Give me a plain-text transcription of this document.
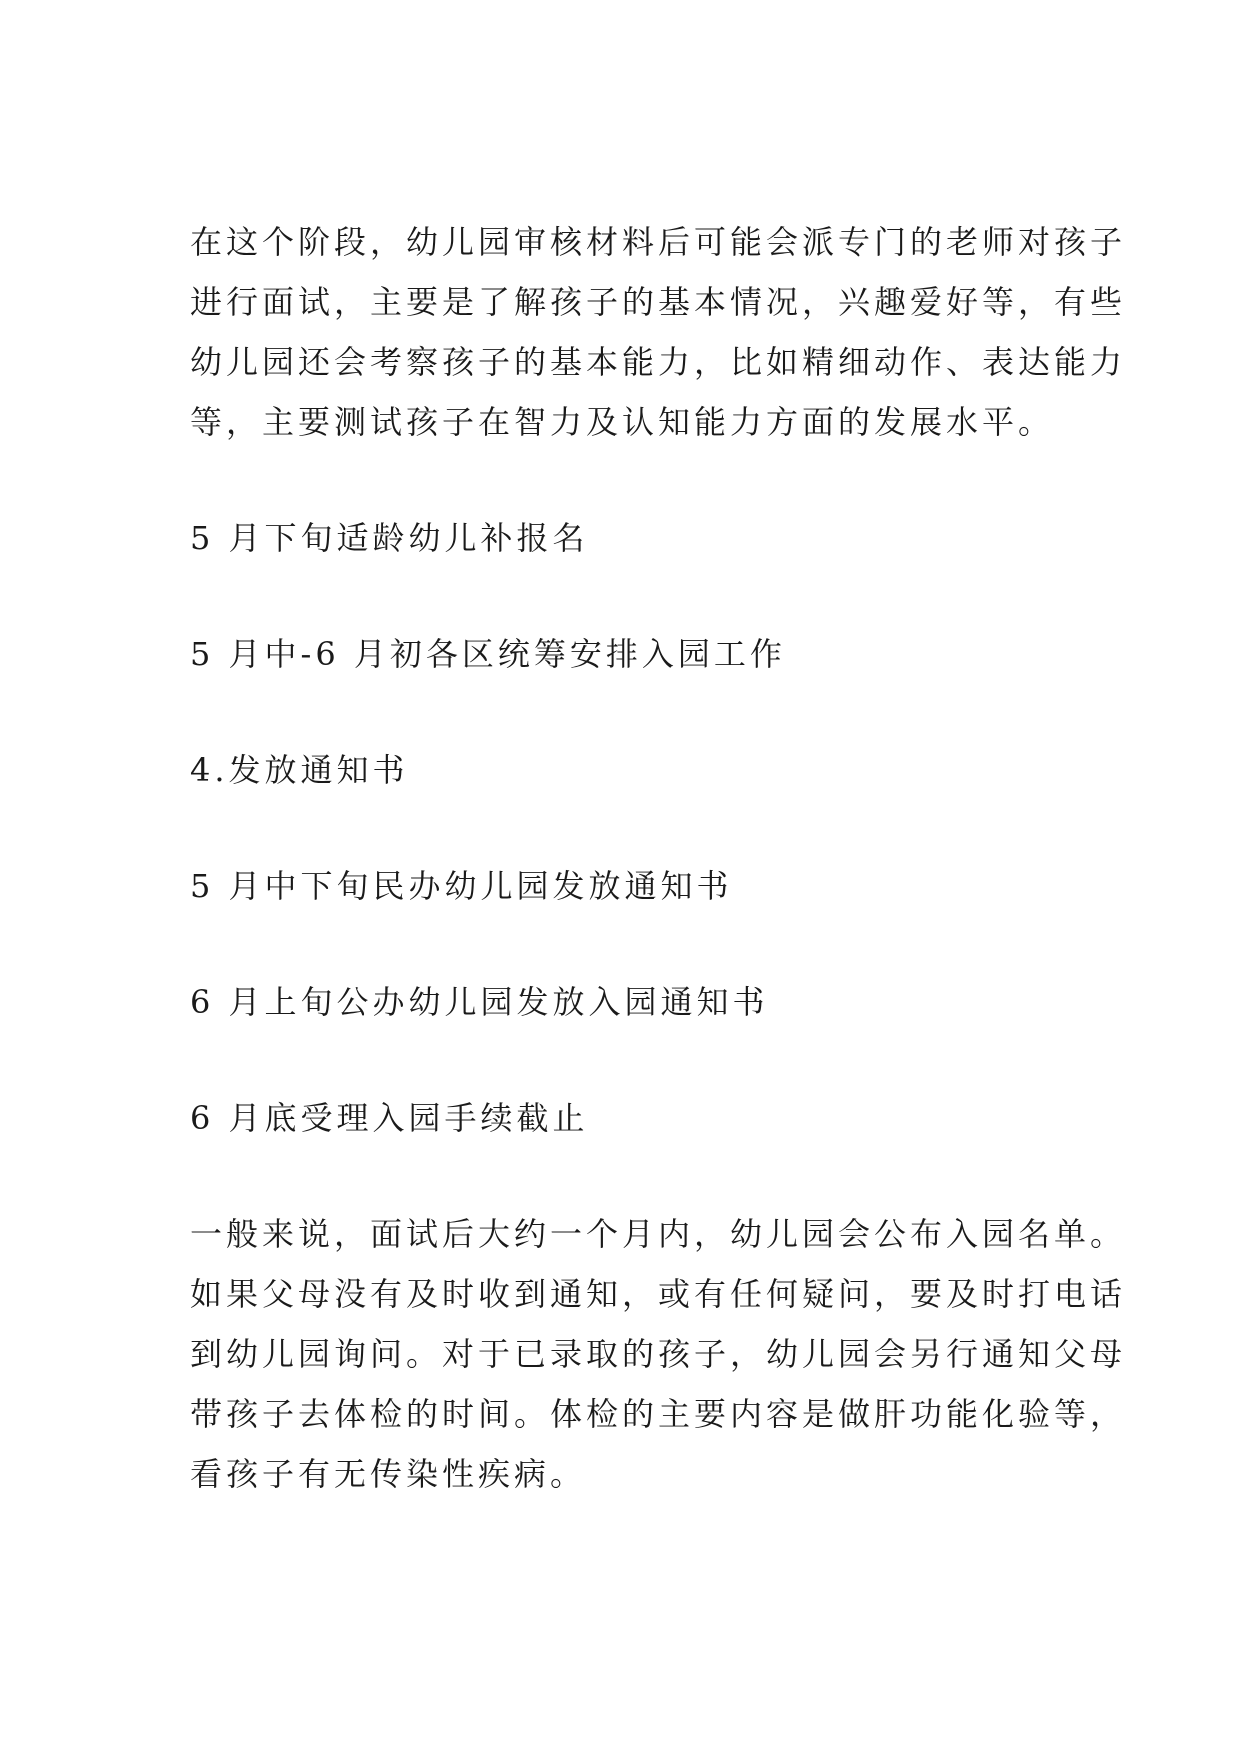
在这个阶段，幼儿园审核材料后可能会派专门的老师对孩子
进行面试，主要是了解孩子的基本情况，兴趣爱好等，有些
幼儿园还会考察孩子的基本能力，比如精细动作、表达能力
等，主要测试孩子在智力及认知能力方面的发展水平。
5 月下旬适龄幼儿补报名
5 月中-6 月初各区统筹安排入园工作
4.发放通知书
5 月中下旬民办幼儿园发放通知书
6 月上旬公办幼儿园发放入园通知书
6 月底受理入园手续截止
一般来说，面试后大约一个月内，幼儿园会公布入园名单。
如果父母没有及时收到通知，或有任何疑问，要及时打电话
到幼儿园询问。对于已录取的孩子，幼儿园会另行通知父母
带孩子去体检的时间。体检的主要内容是做肝功能化验等，
看孩子有无传染性疾病。
